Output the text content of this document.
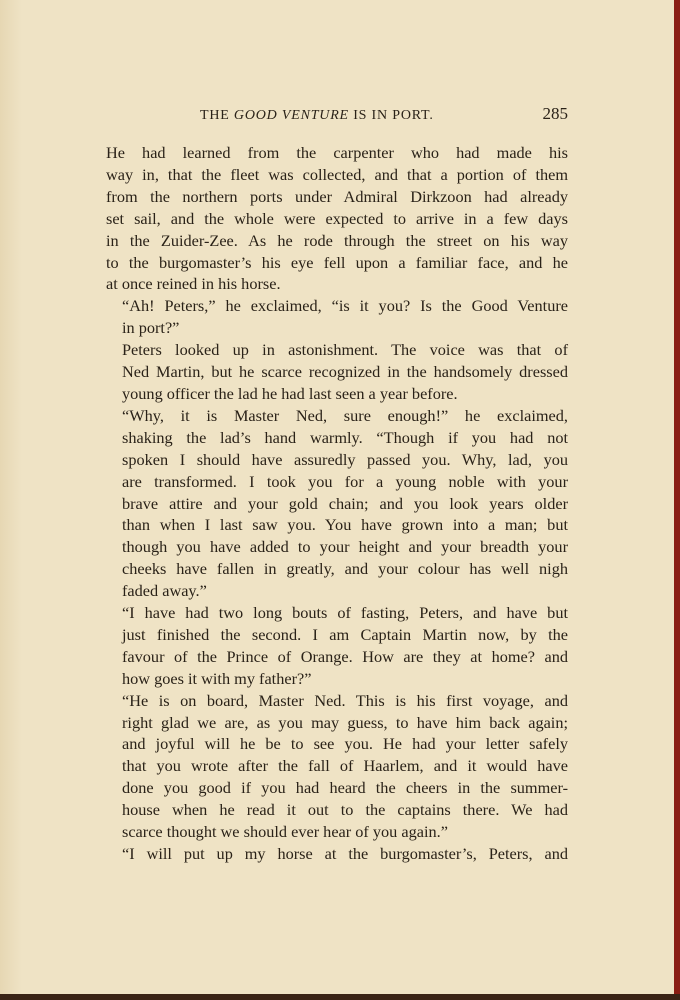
THE GOOD VENTURE IS IN PORT.	285

He had learned from the carpenter who had made his
way in, that the fleet was collected, and that a portion of them
from the northern ports under Admiral Dirkzoon had already
set sail, and the whole were expected to arrive in a few days
in the Zuider-Zee. As he rode through the street on his way
to the burgomaster’s his eye fell upon a familiar face, and he
at once reined in his horse.

“Ah! Peters,” he exclaimed, “is it you? Is the Good Venture
in port?”

Peters looked up in astonishment. The voice was that of
Ned Martin, but he scarce recognized in the handsomely dressed
young officer the lad he had last seen a year before.

“Why, it is Master Ned, sure enough!” he exclaimed,
shaking the lad’s hand warmly. “Though if you had not
spoken I should have assuredly passed you. Why, lad, you
are transformed. I took you for a young noble with your
brave attire and your gold chain; and you look years older
than when I last saw you. You have grown into a man; but
though you have added to your height and your breadth your
cheeks have fallen in greatly, and your colour has well nigh
faded away.”

“I have had two long bouts of fasting, Peters, and have but
just finished the second. I am Captain Martin now, by the
favour of the Prince of Orange. How are they at home? and
how goes it with my father?”

“He is on board, Master Ned. This is his first voyage, and
right glad we are, as you may guess, to have him back again;
and joyful will he be to see you. He had your letter safely
that you wrote after the fall of Haarlem, and it would have
done you good if you had heard the cheers in the summer-
house when he read it out to the captains there. We had
scarce thought we should ever hear of you again.”

“I will put up my horse at the burgomaster’s, Peters, and
